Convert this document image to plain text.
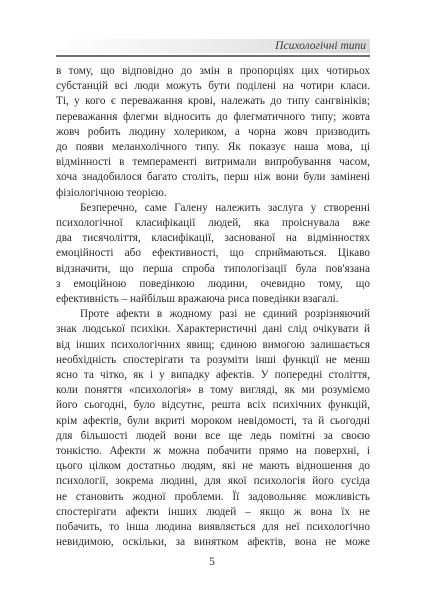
Психологічні типи
в тому, що відповідно до змін в пропорціях цих чотирьох
субстанцій всі люди можуть бути поділені на чотири класи.
Ті, у кого є переважання крові, належать до типу сангвініків;
переважання флегми відносить до флегматичного типу; жовта
жовч робить людину холериком, а чорна жовч призводить
до появи меланхолічного типу. Як показує наша мова, ці
відмінності в темпераменті витримали випробування часом,
хоча знадобилося багато століть, перш ніж вони були замінені
фізіологічною теорією.
Безперечно, саме Галену належить заслуга у створенні
психологічної класифікації людей, яка проіснувала вже
два тисячоліття, класифікації, заснованої на відмінностях
емоційності або ефективності, що сприймаються. Цікаво
відзначити, що перша спроба типологізації була пов'язана
з емоційною поведінкою людини, очевидно тому, що
ефективність – найбільш вражаюча риса поведінки взагалі.
Проте афекти в жодному разі не єдиний розрізняючий
знак людської психіки. Характеристичні дані слід очікувати й
від інших психологічних явищ; єдиною вимогою залишається
необхідність спостерігати та розуміти інші функції не менш
ясно та чітко, як і у випадку афектів. У попередні століття,
коли поняття «психологія» в тому вигляді, як ми розуміємо
його сьогодні, було відсутнє, решта всіх психічних функцій,
крім афектів, були вкриті мороком невідомості, та й сьогодні
для більшості людей вони все ще ледь помітні за своєю
тонкістю. Афекти ж можна побачити прямо на поверхні, і
цього цілком достатньо людям, які не мають відношення до
психології, зокрема людині, для якої психологія його сусіда
не становить жодної проблеми. Її задовольняє можливість
спостерігати афекти інших людей – якщо ж вона їх не
побачить, то інша людина виявляється для неї психологічно
невидимою, оскільки, за винятком афектів, вона не може
5
